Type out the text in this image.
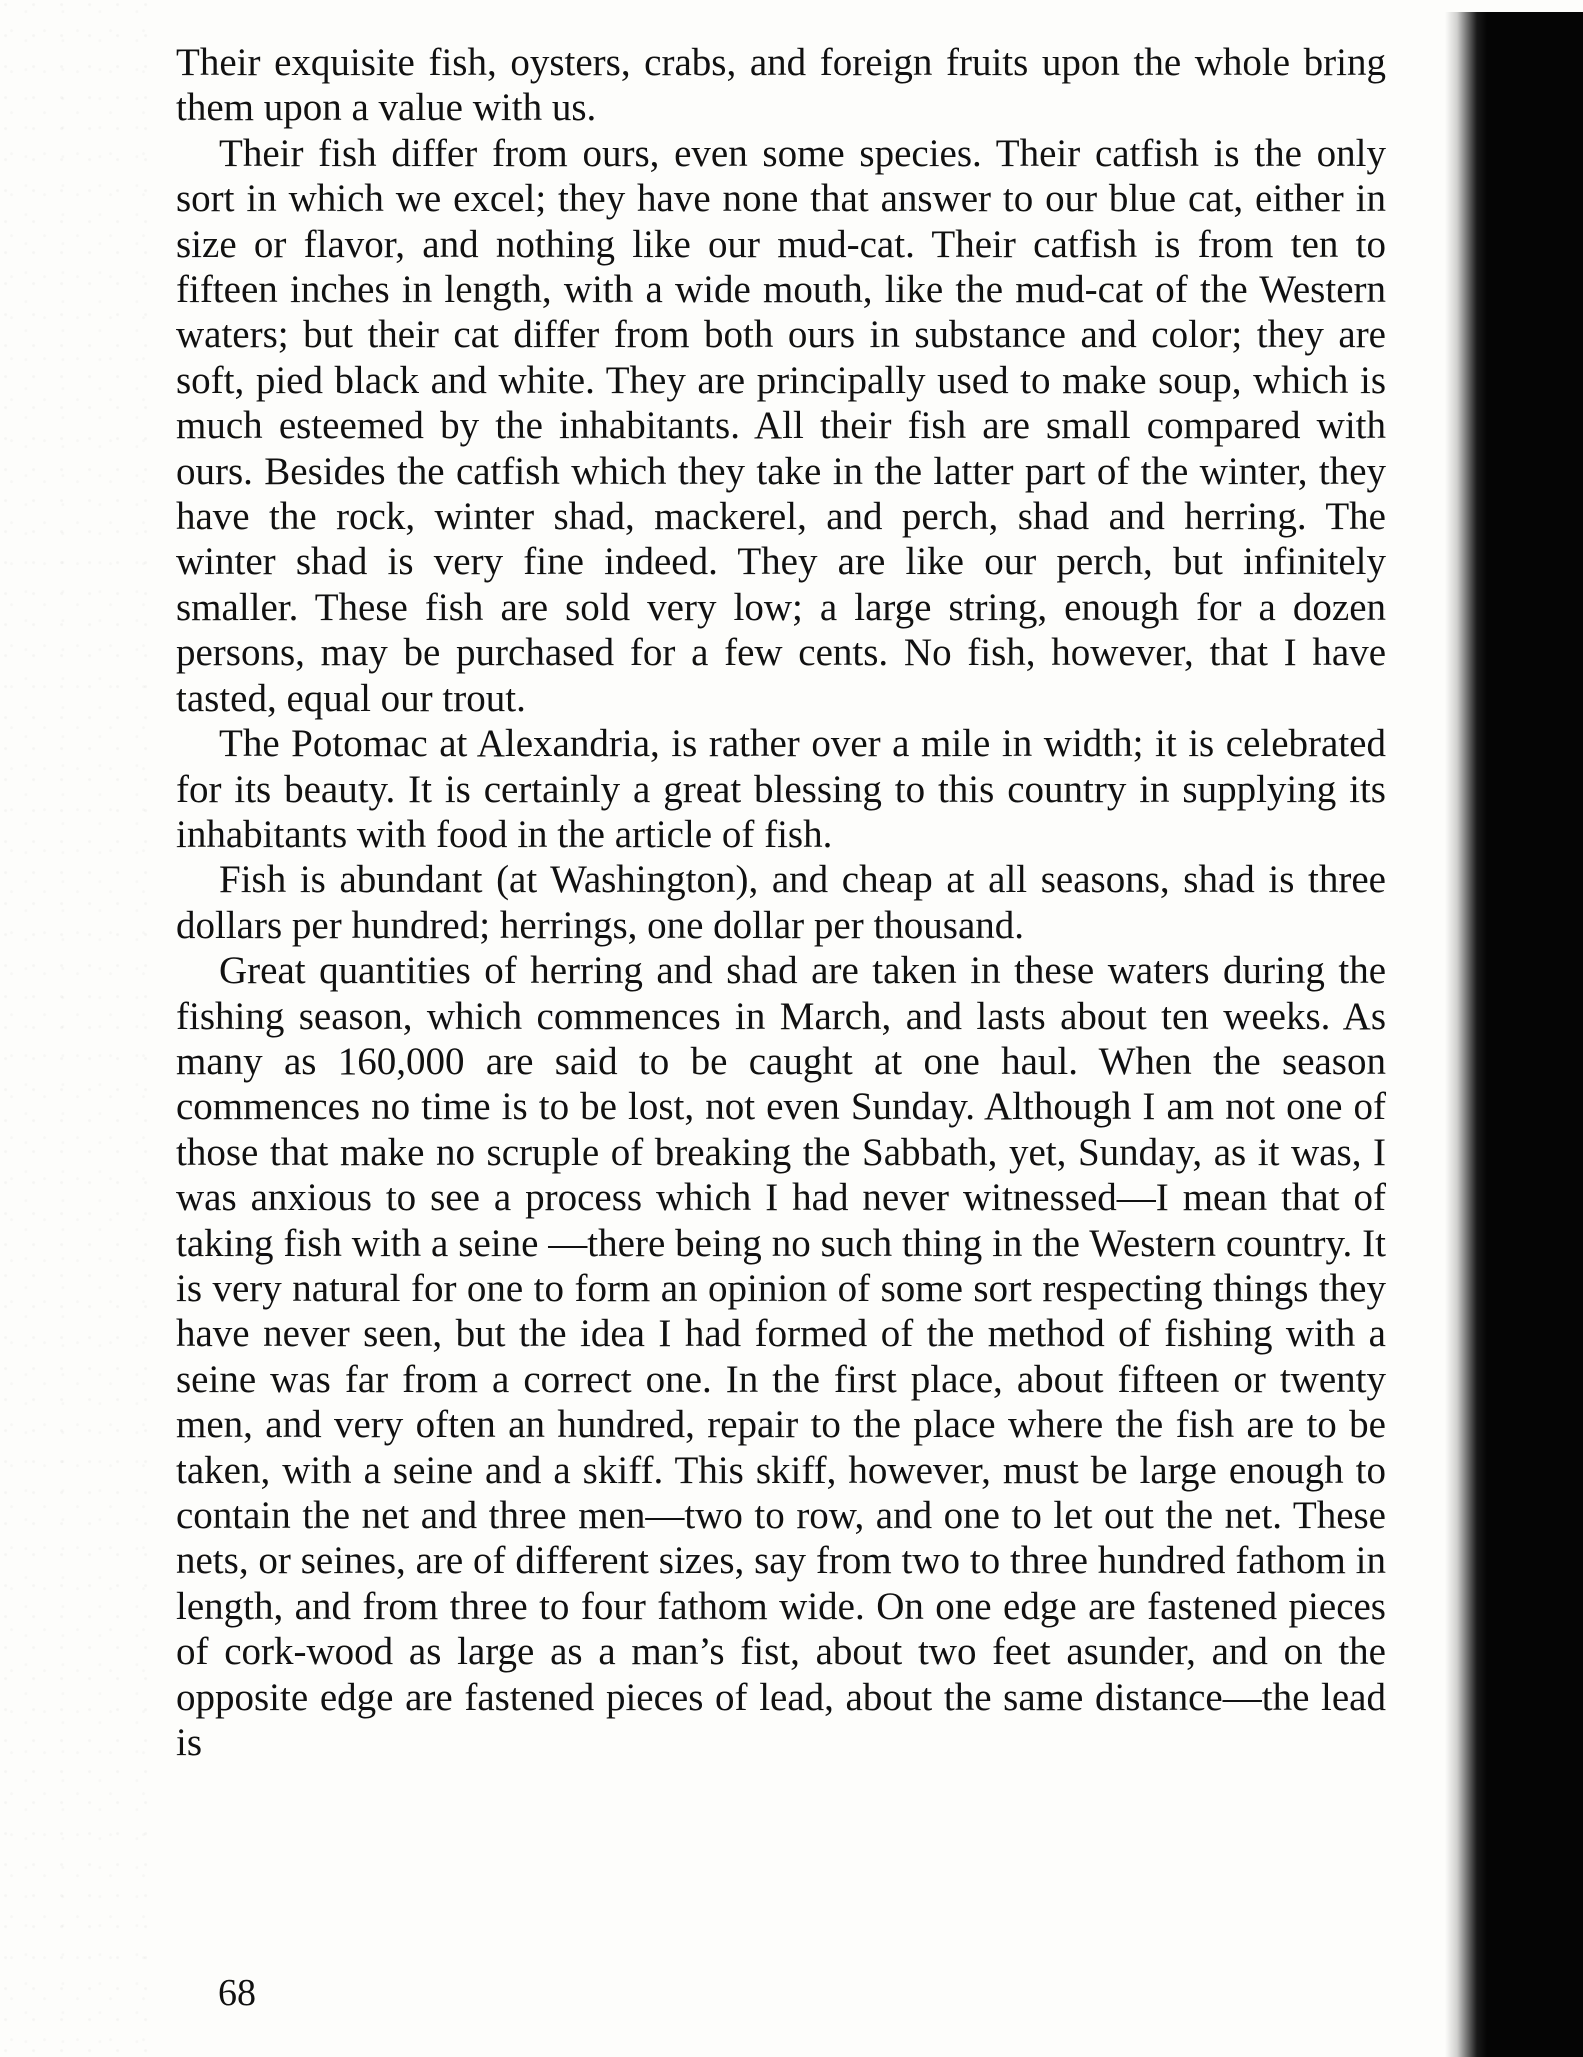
Their exquisite fish, oysters, crabs, and foreign fruits upon the whole bring them upon a value with us.

Their fish differ from ours, even some species. Their catfish is the only sort in which we excel; they have none that answer to our blue cat, either in size or flavor, and nothing like our mud-cat. Their catfish is from ten to fifteen inches in length, with a wide mouth, like the mud-cat of the Western waters; but their cat differ from both ours in substance and color; they are soft, pied black and white. They are principally used to make soup, which is much esteemed by the inhabitants. All their fish are small compared with ours. Besides the catfish which they take in the latter part of the winter, they have the rock, winter shad, mackerel, and perch, shad and herring. The winter shad is very fine indeed. They are like our perch, but infinitely smaller. These fish are sold very low; a large string, enough for a dozen persons, may be purchased for a few cents. No fish, however, that I have tasted, equal our trout.

The Potomac at Alexandria, is rather over a mile in width; it is celebrated for its beauty. It is certainly a great blessing to this country in supplying its inhabitants with food in the article of fish.

Fish is abundant (at Washington), and cheap at all seasons, shad is three dollars per hundred; herrings, one dollar per thousand.

Great quantities of herring and shad are taken in these waters during the fishing season, which commences in March, and lasts about ten weeks. As many as 160,000 are said to be caught at one haul. When the season commences no time is to be lost, not even Sunday. Although I am not one of those that make no scruple of breaking the Sabbath, yet, Sunday, as it was, I was anxious to see a process which I had never witnessed—I mean that of taking fish with a seine —there being no such thing in the Western country. It is very natural for one to form an opinion of some sort respecting things they have never seen, but the idea I had formed of the method of fishing with a seine was far from a correct one. In the first place, about fifteen or twenty men, and very often an hundred, repair to the place where the fish are to be taken, with a seine and a skiff. This skiff, however, must be large enough to contain the net and three men—two to row, and one to let out the net. These nets, or seines, are of different sizes, say from two to three hundred fathom in length, and from three to four fathom wide. On one edge are fastened pieces of cork-wood as large as a man’s fist, about two feet asunder, and on the opposite edge are fastened pieces of lead, about the same distance—the lead is

68
